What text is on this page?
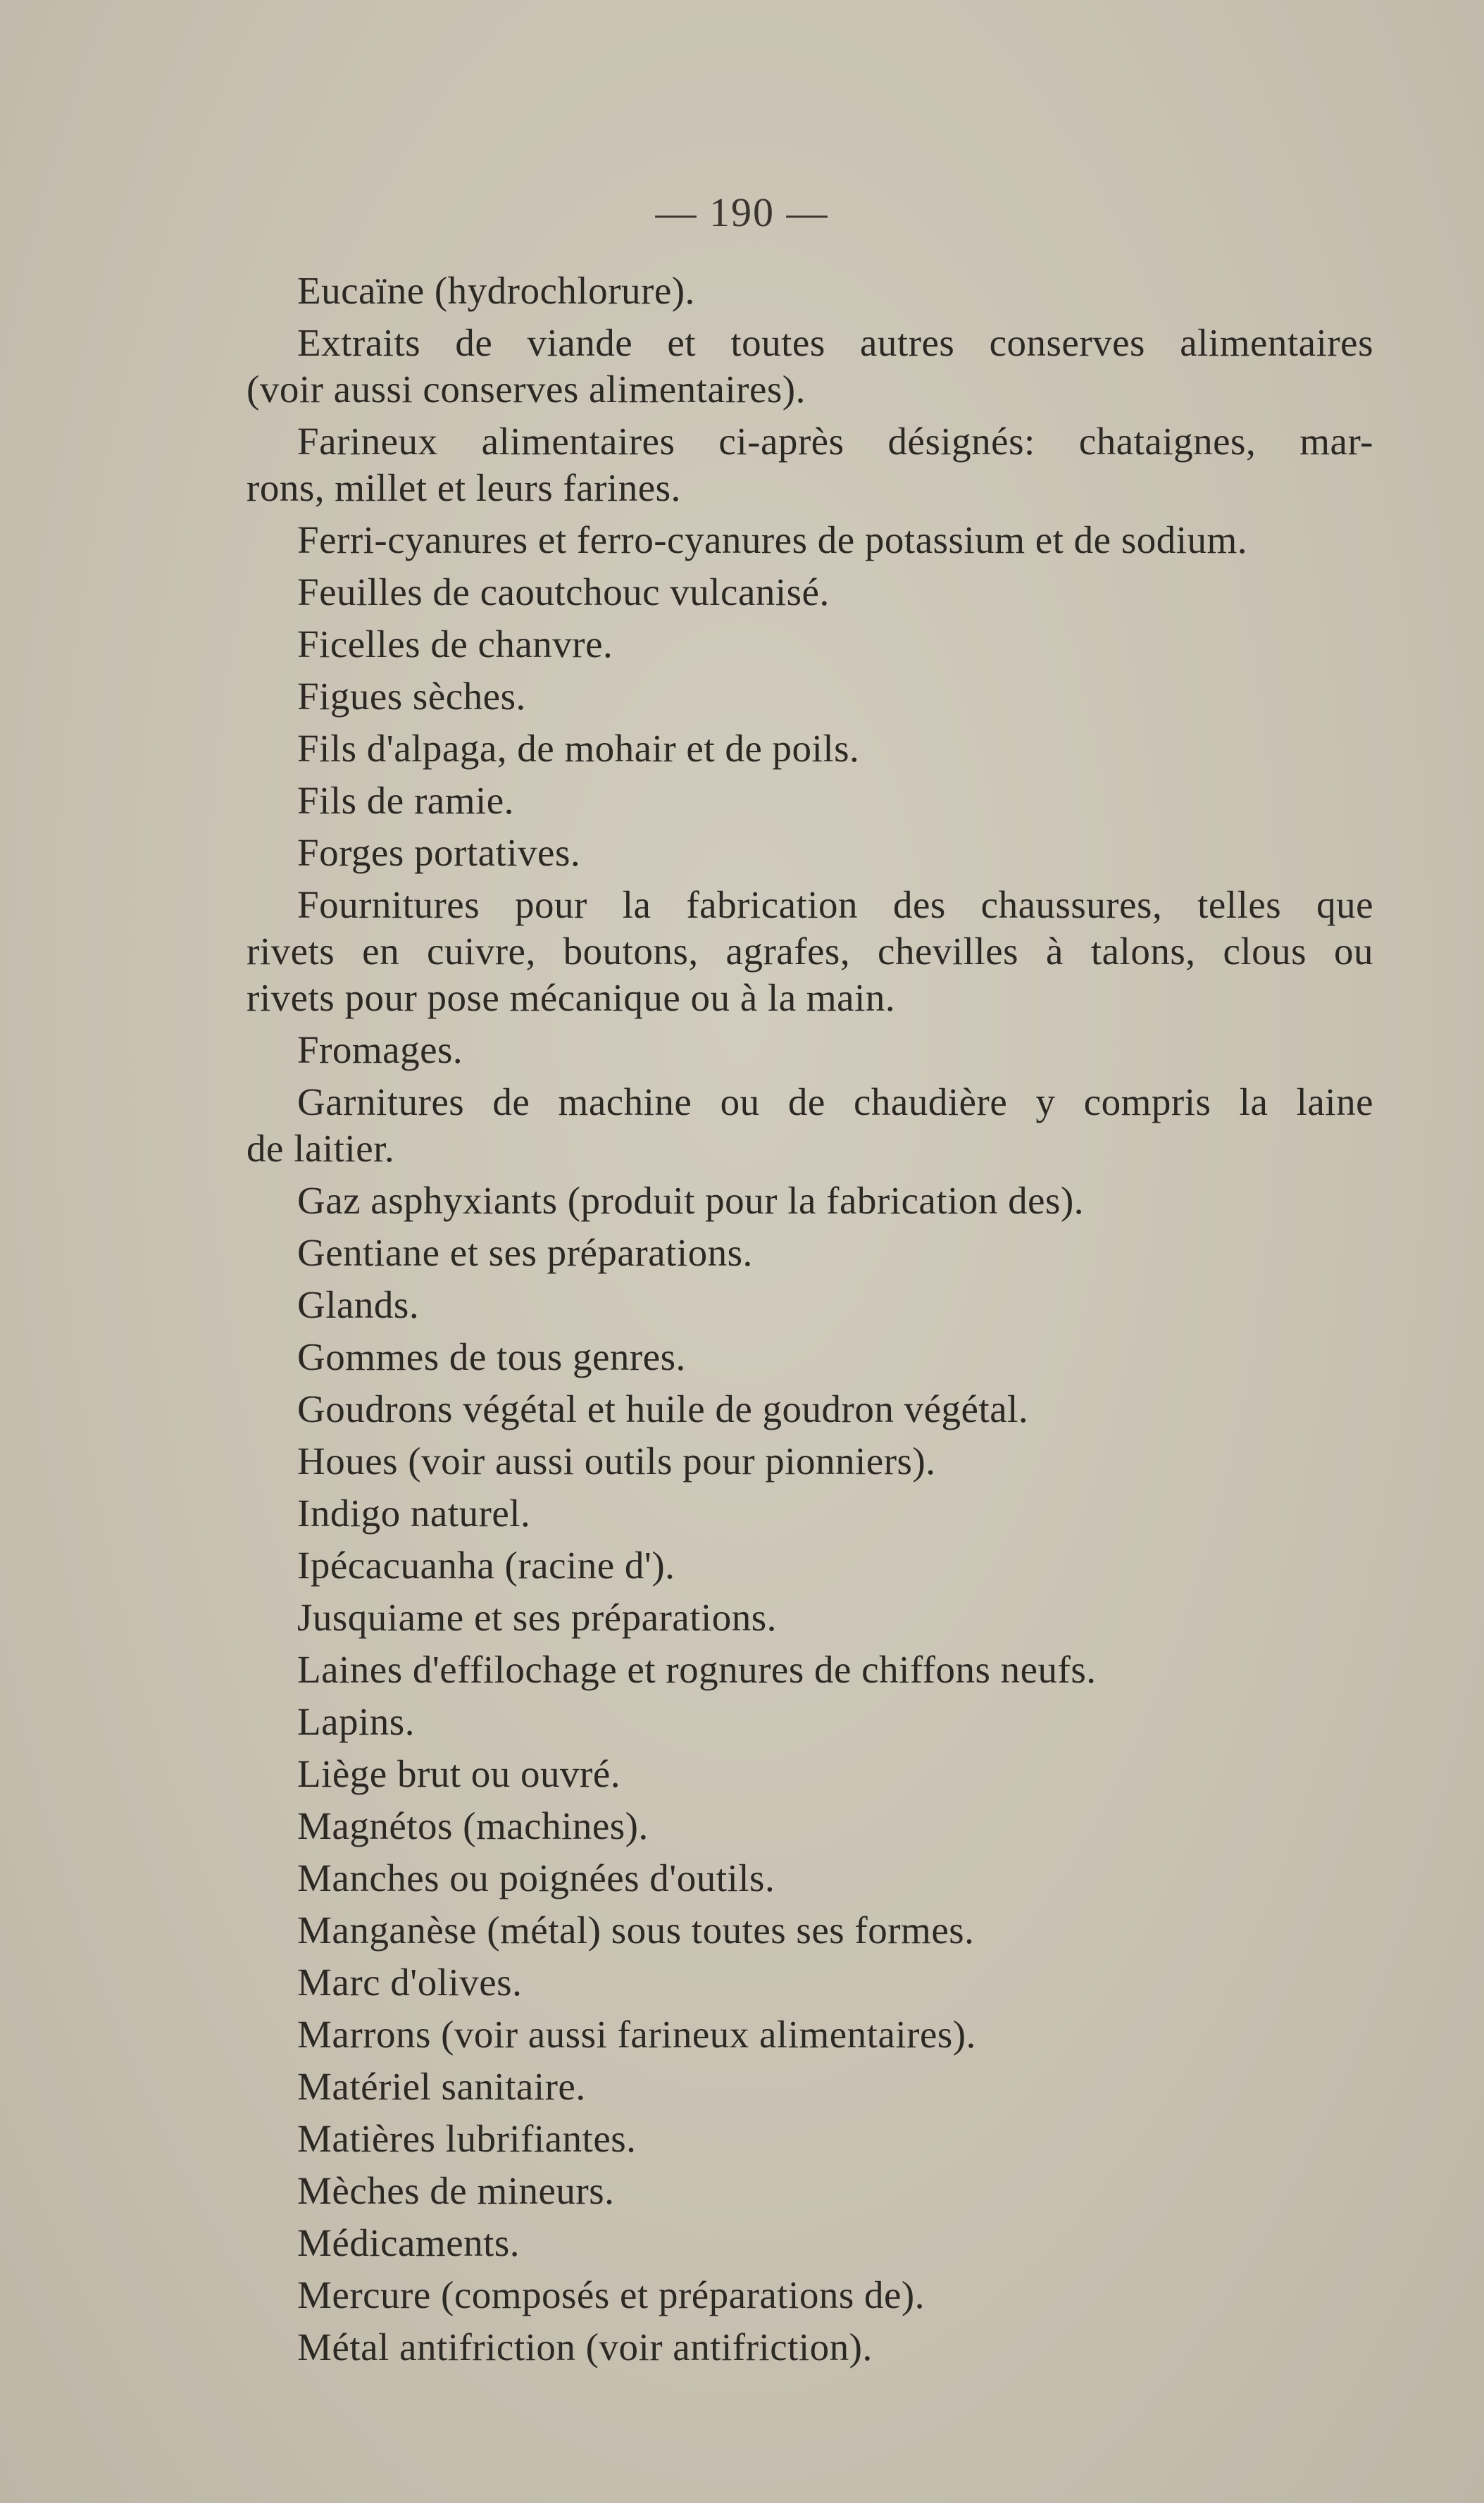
— 190 —
Eucaïne (hydrochlorure).
Extraits de viande et toutes autres conserves alimentaires
(voir aussi conserves alimentaires).
Farineux alimentaires ci-après désignés: chataignes, mar-
rons, millet et leurs farines.
Ferri-cyanures et ferro-cyanures de potassium et de sodium.
Feuilles de caoutchouc vulcanisé.
Ficelles de chanvre.
Figues sèches.
Fils d'alpaga, de mohair et de poils.
Fils de ramie.
Forges portatives.
Fournitures pour la fabrication des chaussures, telles que
rivets en cuivre, boutons, agrafes, chevilles à talons, clous ou
rivets pour pose mécanique ou à la main.
Fromages.
Garnitures de machine ou de chaudière y compris la laine
de laitier.
Gaz asphyxiants (produit pour la fabrication des).
Gentiane et ses préparations.
Glands.
Gommes de tous genres.
Goudrons végétal et huile de goudron végétal.
Houes (voir aussi outils pour pionniers).
Indigo naturel.
Ipécacuanha (racine d').
Jusquiame et ses préparations.
Laines d'effilochage et rognures de chiffons neufs.
Lapins.
Liège brut ou ouvré.
Magnétos (machines).
Manches ou poignées d'outils.
Manganèse (métal) sous toutes ses formes.
Marc d'olives.
Marrons (voir aussi farineux alimentaires).
Matériel sanitaire.
Matières lubrifiantes.
Mèches de mineurs.
Médicaments.
Mercure (composés et préparations de).
Métal antifriction (voir antifriction).
